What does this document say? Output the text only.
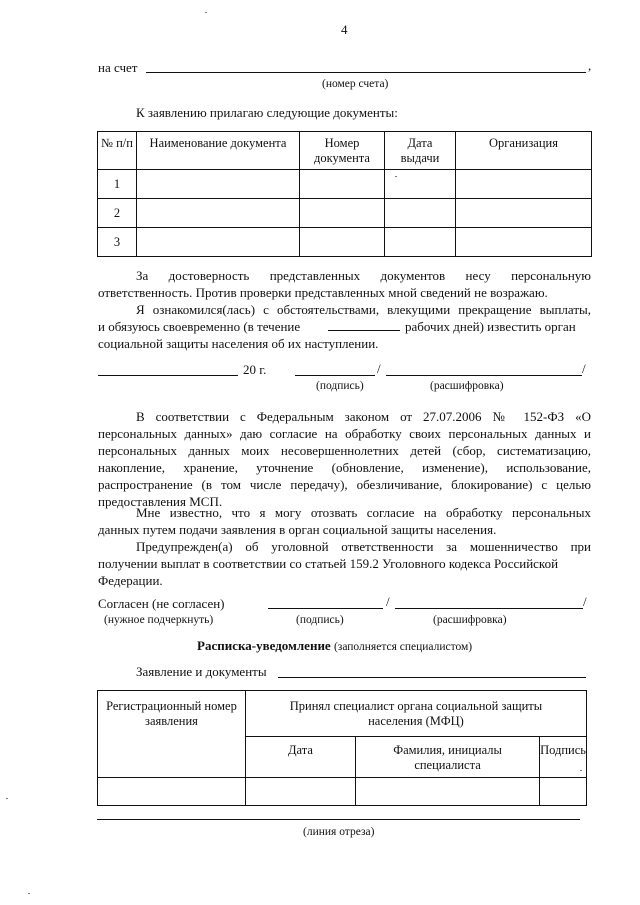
4
на счет	,
(номер счета)
К заявлению прилагаю следующие документы:
№ п/п	Наименование документа	Номер документа	Дата выдачи	Организация
1				
2				
3				
За достоверность представленных документов несу персональную
ответственность. Против проверки представленных мной сведений не возражаю.
Я ознакомился(лась) с обстоятельствами, влекущими прекращение выплаты,
и обязуюсь своевременно (в течение	рабочих дней) известить орган
социальной защиты населения об их наступлении.
20 г.	/	/
(подпись)	(расшифровка)
В соответствии с Федеральным законом от 27.07.2006 № 152-ФЗ «О
персональных данных» даю согласие на обработку своих персональных данных и
персональных данных моих несовершеннолетних детей (сбор, систематизацию,
накопление, хранение, уточнение (обновление, изменение), использование,
распространение (в том числе передачу), обезличивание, блокирование) с целью
предоставления МСП.
Мне известно, что я могу отозвать согласие на обработку персональных
данных путем подачи заявления в орган социальной защиты населения.
Предупрежден(а) об уголовной ответственности за мошенничество при
получении выплат в соответствии со статьей 159.2 Уголовного кодекса Российской
Федерации.
Согласен (не согласен)
(нужное подчеркнуть)
/	/
(подпись)	(расшифровка)
Расписка-уведомление (заполняется специалистом)
Заявление и документы
Регистрационный номер заявления	Принял специалист органа социальной защиты населения (МФЦ)		
	Дата	Фамилия, инициалы специалиста	Подпись

(линия отреза)
